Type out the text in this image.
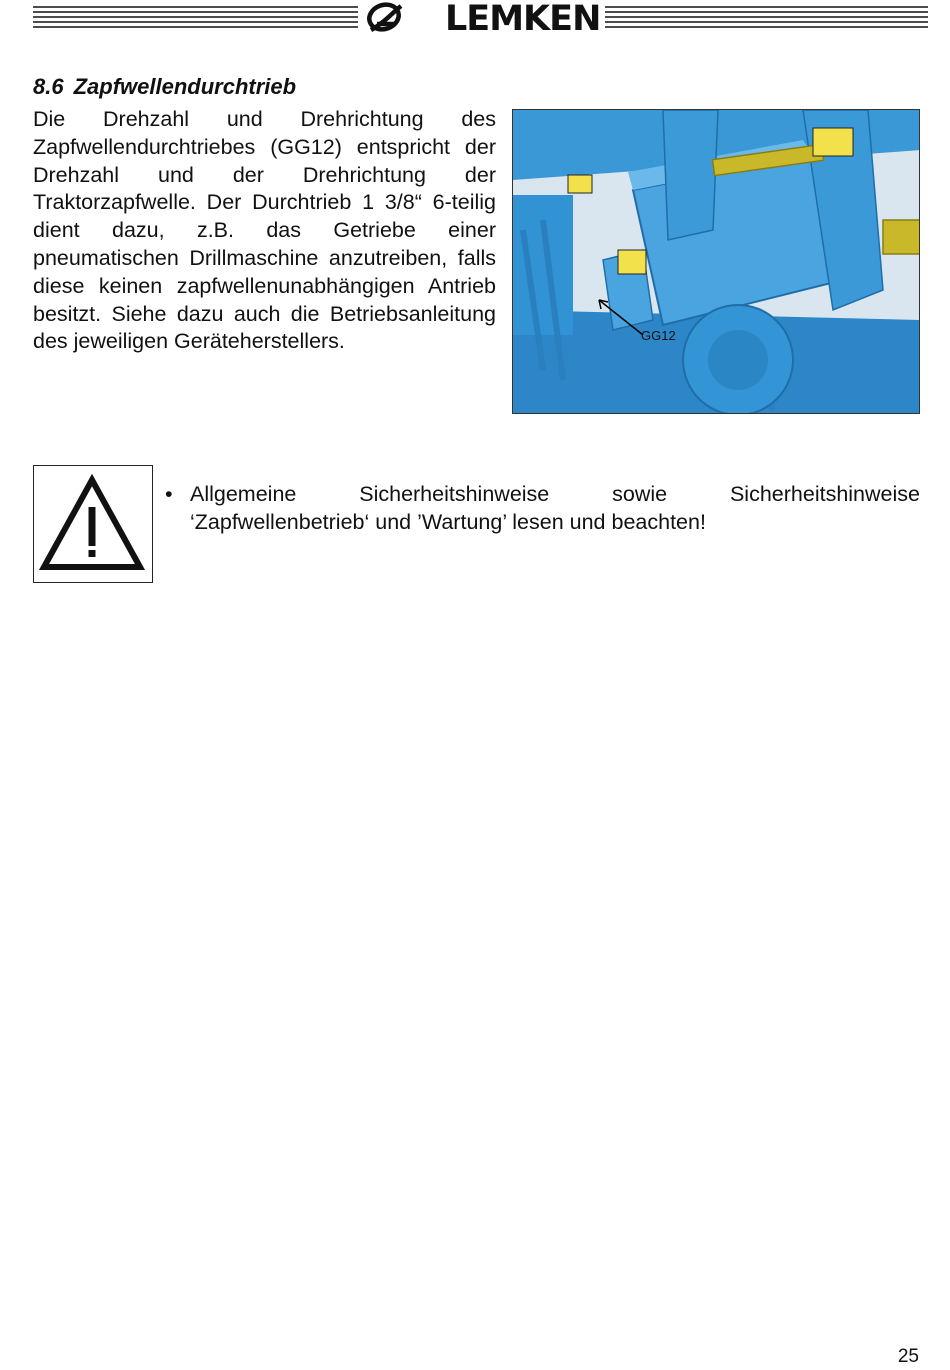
LEMKEN
8.6 Zapfwellendurchtrieb

Die Drehzahl und Drehrichtung des Zapfwellendurchtriebes (GG12) entspricht der Drehzahl und der Drehrichtung der Traktorzapfwelle. Der Durchtrieb 1 3/8“ 6-teilig dient dazu, z.B. das Getriebe einer pneumatischen Drillmaschine anzutreiben, falls diese keinen zapfwellenunabhängigen Antrieb besitzt. Siehe dazu auch die Betriebsanleitung des jeweiligen Geräteherstellers.	GG12
• Allgemeine Sicherheitshinweise sowie Sicherheitshinweise ‘Zapfwellenbetrieb‘ und ’Wartung’ lesen und beachten!
25
